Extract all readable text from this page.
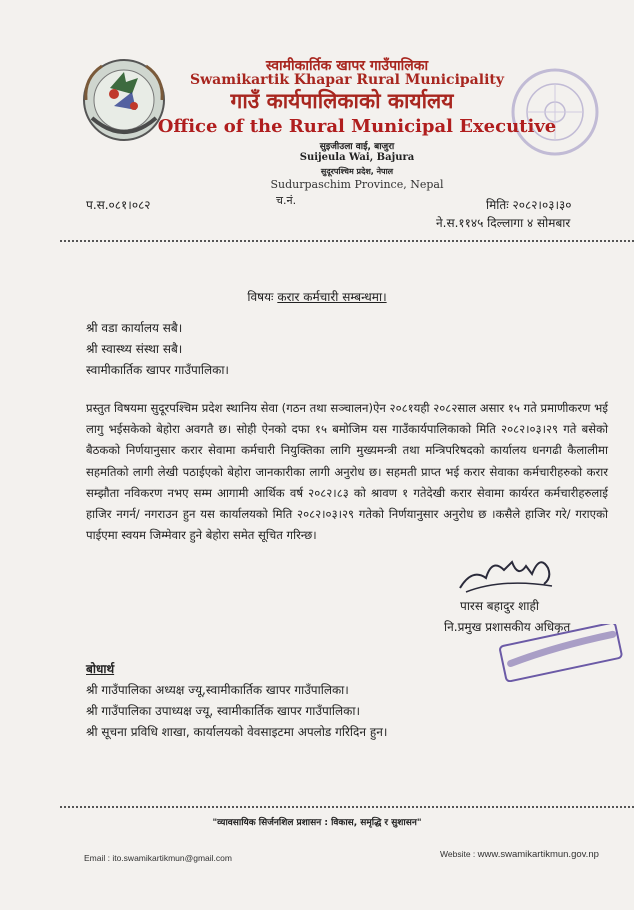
स्वामीकार्तिक खापर गाउँपालिका
Swamikartik Khapar Rural Municipality
गाउँ कार्यपालिकाको कार्यालय
Office of the Rural Municipal Executive
सुइजीउला वाई, बाजुरा
Suijeula Wai, Bajura
सुदूरपश्चिम प्रदेश, नेपाल
Sudurpaschim Province, Nepal
प.स.०८१।०८२	च.नं.	मितिः २०८२।०३।३०
ने.स.११४५ दिल्लागा ४ सोमबार
विषयः करार कर्मचारी सम्बन्धमा।
श्री वडा कार्यालय सबै।
श्री स्वास्थ्य संस्था सबै।
स्वामीकार्तिक खापर गाउँपालिका।
प्रस्तुत विषयमा सुदूरपश्चिम प्रदेश स्थानिय सेवा (गठन तथा सञ्चालन)ऐन २०८१यही २०८२साल असार १५ गते प्रमाणीकरण भई लागु भईसकेको बेहोरा अवगतै छ। सोही ऐनको दफा १५ बमोजिम यस गाउँकार्यपालिकाको मिति २०८२।०३।२९ गते बसेको बैठकको निर्णयानुसार करार सेवामा कर्मचारी नियुक्तिका लागि मुख्यमन्त्री तथा मन्त्रिपरिषदको कार्यालय धनगढी कैलालीमा सहमतिको लागी लेखी पठाईएको बेहोरा जानकारीका लागी अनुरोध छ। सहमती प्राप्त भई करार सेवाका कर्मचारीहरुको करार सम्झौता नविकरण नभए सम्म आगामी आर्थिक वर्ष २०८२।८३ को श्रावण १ गतेदेखी करार सेवामा कार्यरत कर्मचारीहरुलाई हाजिर नगर्न/ नगराउन हुन यस कार्यालयको मिति २०८२।०३।२९ गतेको निर्णयानुसार अनुरोध छ ।कसैले हाजिर गरे/ गराएको पाईएमा स्वयम जिम्मेवार हुने बेहोरा समेत सूचित गरिन्छ।
पारस बहादुर शाही
नि.प्रमुख प्रशासकीय अधिकृत
बोधार्थ
श्री गाउँपालिका अध्यक्ष ज्यू,स्वामीकार्तिक खापर गाउँपालिका।
श्री गाउँपालिका उपाध्यक्ष ज्यू, स्वामीकार्तिक खापर गाउँपालिका।
श्री सूचना प्रविधि शाखा, कार्यालयको वेवसाइटमा अपलोड गरिदिन हुन।
"व्यावसायिक सिर्जनशिल प्रशासन : विकास, समृद्धि र सुशासन"
Email : ito.swamikartikmun@gmail.com	Website : www.swamikartikmun.gov.np
